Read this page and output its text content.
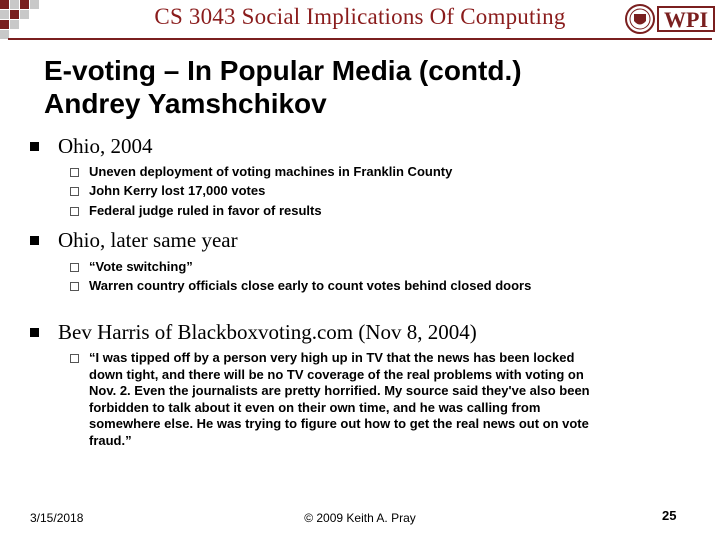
CS 3043 Social Implications Of Computing	WPI
E-voting – In Popular Media (contd.)
Andrey Yamshchikov
Ohio, 2004
Uneven deployment of voting machines in Franklin County
John Kerry lost 17,000 votes
Federal judge ruled in favor of results
Ohio, later same year
“Vote switching”
Warren country officials close early to count votes behind closed doors
Bev Harris of Blackboxvoting.com (Nov 8, 2004)
“I was tipped off by a person very high up in TV that the news has been locked down tight, and there will be no TV coverage of the real problems with voting on Nov. 2. Even the journalists are pretty horrified. My source said they've also been forbidden to talk about it even on their own time, and he was calling from somewhere else. He was trying to figure out how to get the real news out on vote fraud.”
3/15/2018	© 2009 Keith A. Pray	25
